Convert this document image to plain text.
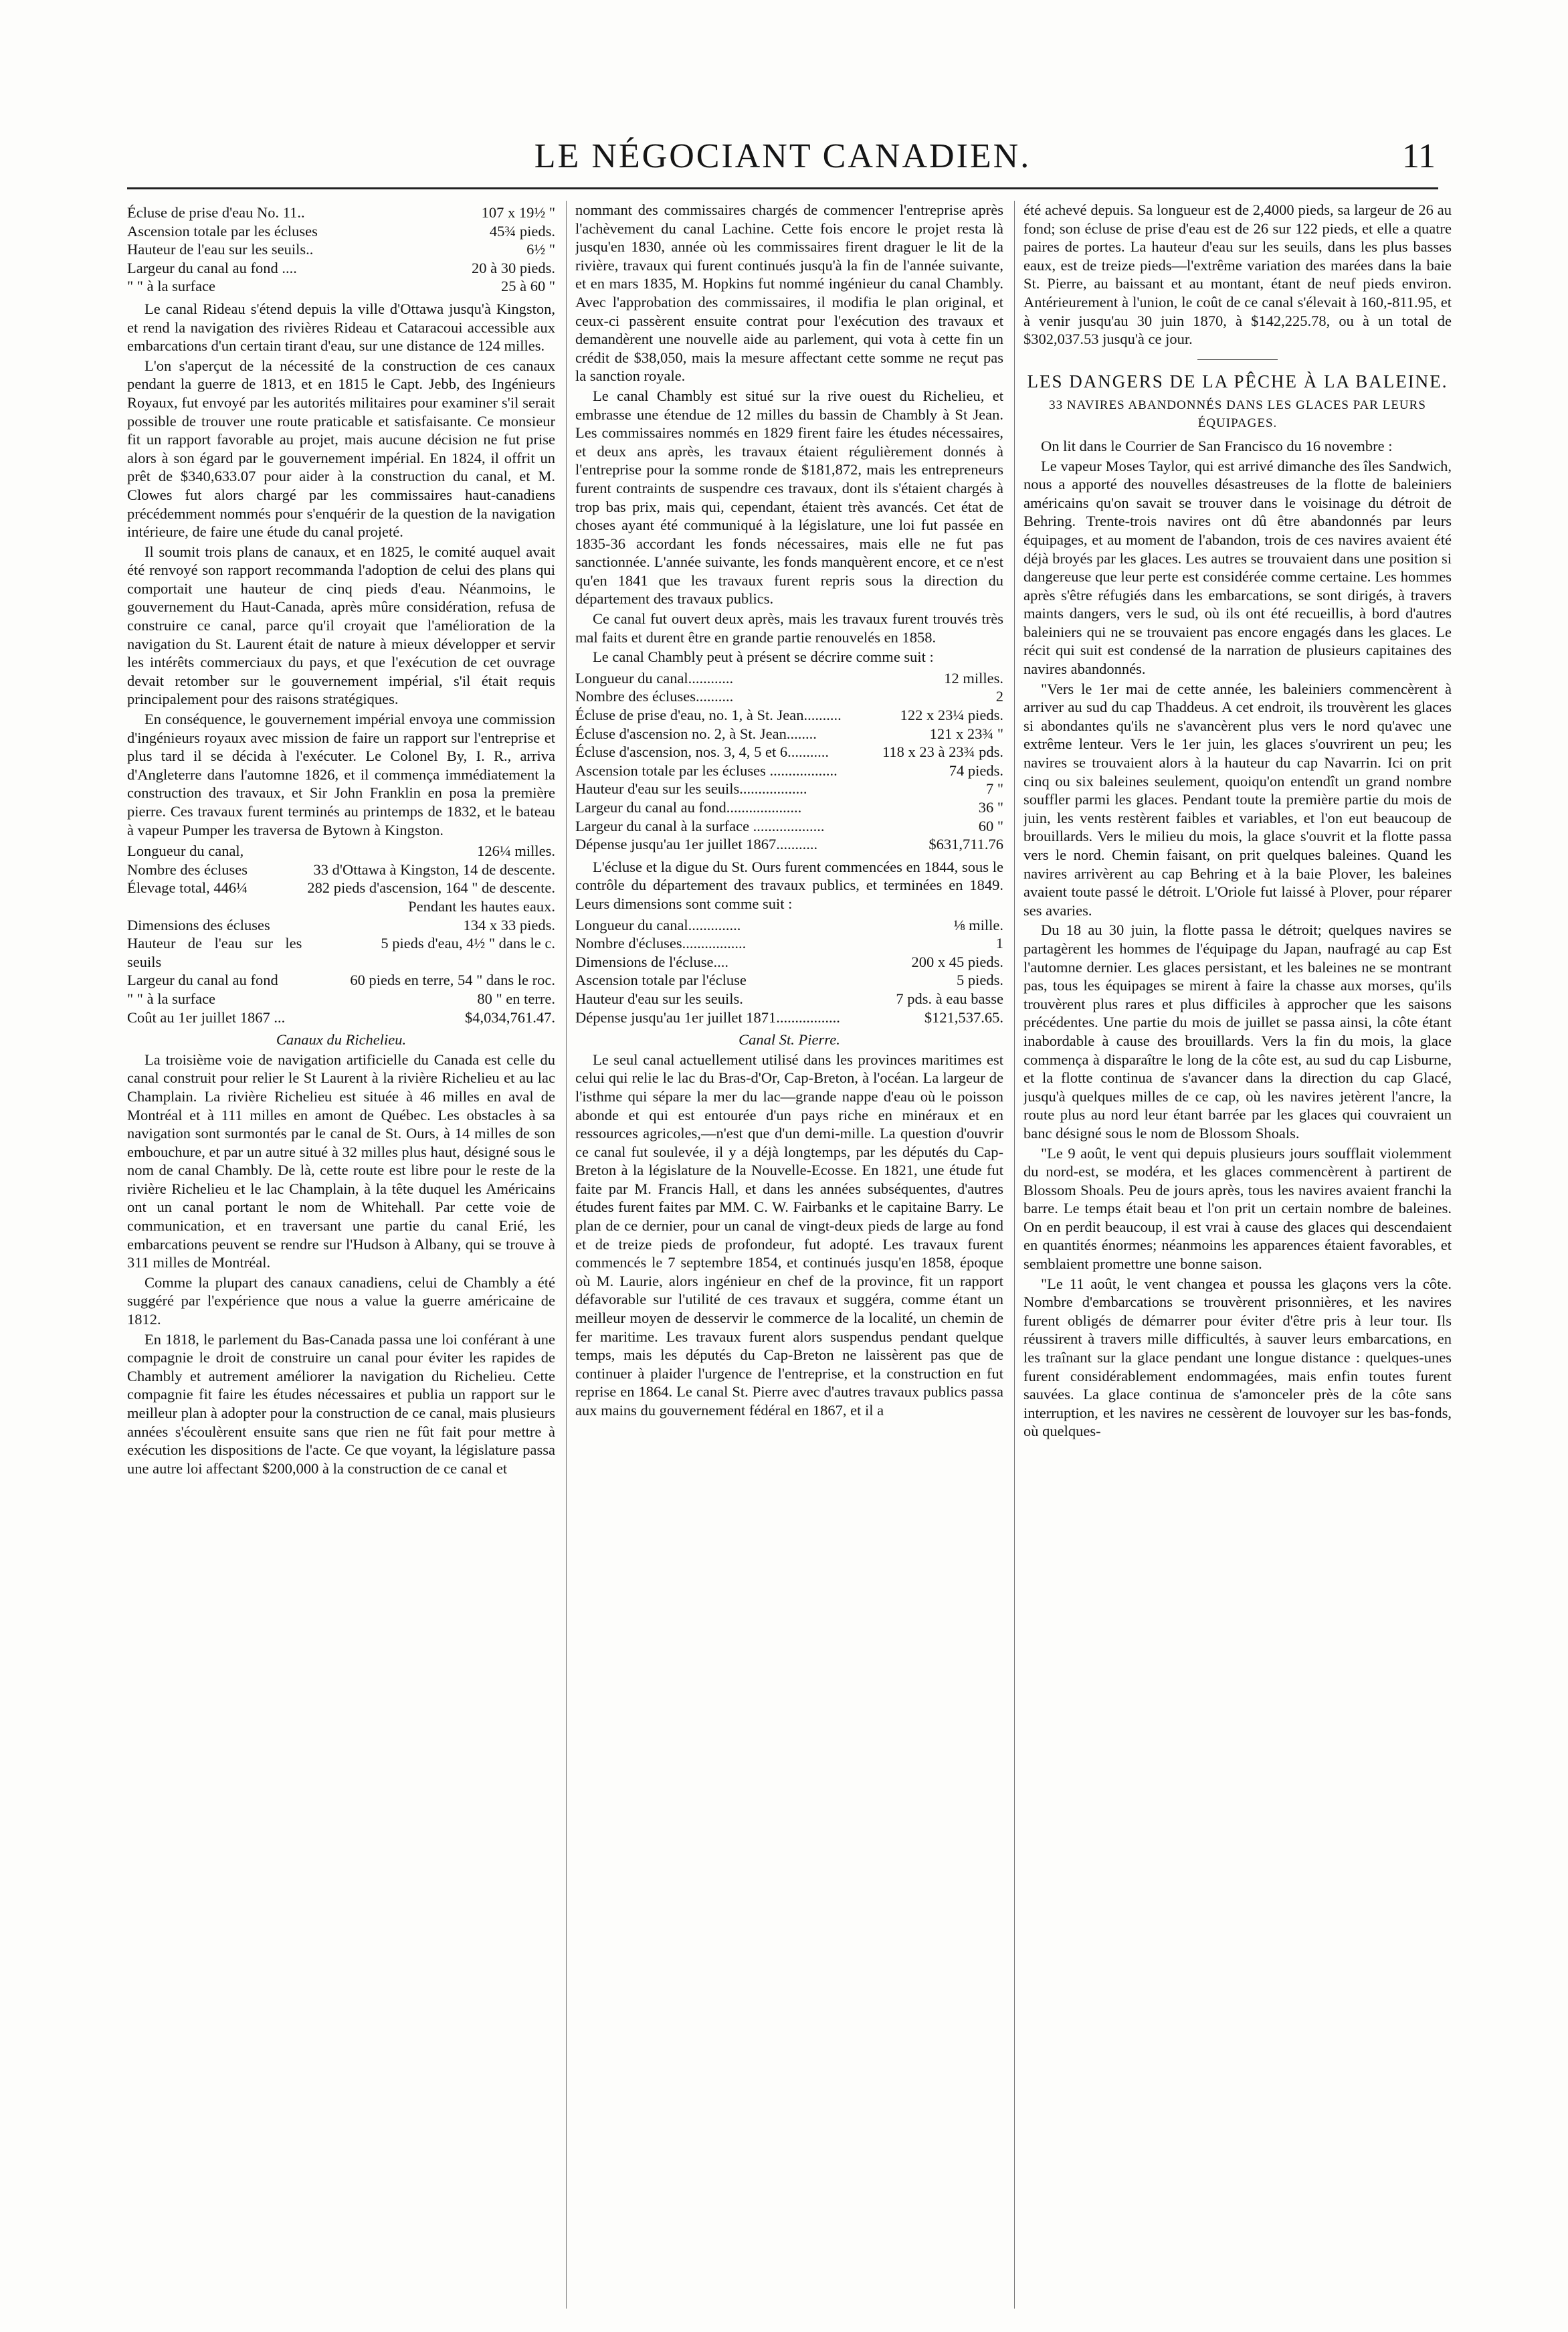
LE NÉGOCIANT CANADIEN.	11
Écluse de prise d'eau No. 11..	107 x 19½ "
Ascension totale par les écluses	45¾ pieds.
Hauteur de l'eau sur les seuils..	6½ "
Largeur du canal au fond ....	20 à 30 pieds.
" " à la surface	25 à 60 "

Le canal Rideau s'étend depuis la ville d'Ottawa jusqu'à Kingston, et rend la navigation des rivières Rideau et Cataracoui accessible aux embarcations d'un certain tirant d'eau, sur une distance de 124 milles.

L'on s'aperçut de la nécessité de la construction de ces canaux pendant la guerre de 1813, et en 1815 le Capt. Jebb, des Ingénieurs Royaux, fut envoyé par les autorités militaires pour examiner s'il serait possible de trouver une route praticable et satisfaisante. Ce monsieur fit un rapport favorable au projet, mais aucune décision ne fut prise alors à son égard par le gouvernement impérial. En 1824, il offrit un prêt de $340,633.07 pour aider à la construction du canal, et M. Clowes fut alors chargé par les commissaires haut-canadiens précédemment nommés pour s'enquérir de la question de la navigation intérieure, de faire une étude du canal projeté.

Il soumit trois plans de canaux, et en 1825, le comité auquel avait été renvoyé son rapport recommanda l'adoption de celui des plans qui comportait une hauteur de cinq pieds d'eau. Néanmoins, le gouvernement du Haut-Canada, après mûre considération, refusa de construire ce canal, parce qu'il croyait que l'amélioration de la navigation du St. Laurent était de nature à mieux développer et servir les intérêts commerciaux du pays, et que l'exécution de cet ouvrage devait retomber sur le gouvernement impérial, s'il était requis principalement pour des raisons stratégiques.

En conséquence, le gouvernement impérial envoya une commission d'ingénieurs royaux avec mission de faire un rapport sur l'entreprise et plus tard il se décida à l'exécuter. Le Colonel By, I. R., arriva d'Angleterre dans l'automne 1826, et il commença immédiatement la construction des travaux, et Sir John Franklin en posa la première pierre. Ces travaux furent terminés au printemps de 1832, et le bateau à vapeur Pumper les traversa de Bytown à Kingston.

Longueur du canal,	126¼ milles.
Nombre des écluses	33 d'Ottawa à Kingston, 14 de descente.
Élevage total, 446¼	282 pieds d'ascension, 164 " de descente.
	Pendant les hautes eaux.
Dimensions des écluses	134 x 33 pieds.
Hauteur de l'eau sur les seuils	5 pieds d'eau, 4½ " dans le c.
Largeur du canal au fond	60 pieds en terre, 54 " dans le roc.
" " à la surface	80 " en terre.
Coût au 1er juillet 1867 ...	$4,034,761.47.

Canaux du Richelieu.

La troisième voie de navigation artificielle du Canada est celle du canal construit pour relier le St Laurent à la rivière Richelieu et au lac Champlain. La rivière Richelieu est située à 46 milles en aval de Montréal et à 111 milles en amont de Québec. Les obstacles à sa navigation sont surmontés par le canal de St. Ours, à 14 milles de son embouchure, et par un autre situé à 32 milles plus haut, désigné sous le nom de canal Chambly. De là, cette route est libre pour le reste de la rivière Richelieu et le lac Champlain, à la tête duquel les Américains ont un canal portant le nom de Whitehall. Par cette voie de communication, et en traversant une partie du canal Erié, les embarcations peuvent se rendre sur l'Hudson à Albany, qui se trouve à 311 milles de Montréal.

Comme la plupart des canaux canadiens, celui de Chambly a été suggéré par l'expérience que nous a value la guerre américaine de 1812.

En 1818, le parlement du Bas-Canada passa une loi conférant à une compagnie le droit de construire un canal pour éviter les rapides de Chambly et autrement améliorer la navigation du Richelieu. Cette compagnie fit faire les études nécessaires et publia un rapport sur le meilleur plan à adopter pour la construction de ce canal, mais plusieurs années s'écoulèrent ensuite sans que rien ne fût fait pour mettre à exécution les dispositions de l'acte. Ce que voyant, la législature passa une autre loi affectant $200,000 à la construction de ce canal et

nommant des commissaires chargés de commencer l'entreprise après l'achèvement du canal Lachine. Cette fois encore le projet resta là jusqu'en 1830, année où les commissaires firent draguer le lit de la rivière, travaux qui furent continués jusqu'à la fin de l'année suivante, et en mars 1835, M. Hopkins fut nommé ingénieur du canal Chambly. Avec l'approbation des commissaires, il modifia le plan original, et ceux-ci passèrent ensuite contrat pour l'exécution des travaux et demandèrent une nouvelle aide au parlement, qui vota à cette fin un crédit de $38,050, mais la mesure affectant cette somme ne reçut pas la sanction royale.

Le canal Chambly est situé sur la rive ouest du Richelieu, et embrasse une étendue de 12 milles du bassin de Chambly à St Jean. Les commissaires nommés en 1829 firent faire les études nécessaires, et deux ans après, les travaux étaient régulièrement donnés à l'entreprise pour la somme ronde de $181,872, mais les entrepreneurs furent contraints de suspendre ces travaux, dont ils s'étaient chargés à trop bas prix, mais qui, cependant, étaient très avancés. Cet état de choses ayant été communiqué à la législature, une loi fut passée en 1835-36 accordant les fonds nécessaires, mais elle ne fut pas sanctionnée. L'année suivante, les fonds manquèrent encore, et ce n'est qu'en 1841 que les travaux furent repris sous la direction du département des travaux publics.

Ce canal fut ouvert deux après, mais les travaux furent trouvés très mal faits et durent être en grande partie renouvelés en 1858.

Le canal Chambly peut à présent se décrire comme suit :

Longueur du canal............	12 milles.
Nombre des écluses..........	2
Écluse de prise d'eau, no. 1, à St. Jean..........	122 x 23¼ pieds.
Écluse d'ascension no. 2, à St. Jean........	121 x 23¾ "
Écluse d'ascension, nos. 3, 4, 5 et 6...........	118 x 23 à 23¾ pds.
Ascension totale par les écluses ..................	74 pieds.
Hauteur d'eau sur les seuils..................	7 "
Largeur du canal au fond....................	36 "
Largeur du canal à la surface ...................	60 "
Dépense jusqu'au 1er juillet 1867...........	$631,711.76

L'écluse et la digue du St. Ours furent commencées en 1844, sous le contrôle du département des travaux publics, et terminées en 1849. Leurs dimensions sont comme suit :

Longueur du canal..............	⅛ mille.
Nombre d'écluses.................	1
Dimensions de l'écluse....	200 x 45 pieds.
Ascension totale par l'écluse	5 pieds.
Hauteur d'eau sur les seuils.	7 pds. à eau basse
Dépense jusqu'au 1er juillet 1871.................	$121,537.65.

Canal St. Pierre.

Le seul canal actuellement utilisé dans les provinces maritimes est celui qui relie le lac du Bras-d'Or, Cap-Breton, à l'océan. La largeur de l'isthme qui sépare la mer du lac—grande nappe d'eau où le poisson abonde et qui est entourée d'un pays riche en minéraux et en ressources agricoles,—n'est que d'un demi-mille. La question d'ouvrir ce canal fut soulevée, il y a déjà longtemps, par les députés du Cap-Breton à la législature de la Nouvelle-Ecosse. En 1821, une étude fut faite par M. Francis Hall, et dans les années subséquentes, d'autres études furent faites par MM. C. W. Fairbanks et le capitaine Barry. Le plan de ce dernier, pour un canal de vingt-deux pieds de large au fond et de treize pieds de profondeur, fut adopté. Les travaux furent commencés le 7 septembre 1854, et continués jusqu'en 1858, époque où M. Laurie, alors ingénieur en chef de la province, fit un rapport défavorable sur l'utilité de ces travaux et suggéra, comme étant un meilleur moyen de desservir le commerce de la localité, un chemin de fer maritime. Les travaux furent alors suspendus pendant quelque temps, mais les députés du Cap-Breton ne laissèrent pas que de continuer à plaider l'urgence de l'entreprise, et la construction en fut reprise en 1864. Le canal St. Pierre avec d'autres travaux publics passa aux mains du gouvernement fédéral en 1867, et il a

été achevé depuis. Sa longueur est de 2,4000 pieds, sa largeur de 26 au fond; son écluse de prise d'eau est de 26 sur 122 pieds, et elle a quatre paires de portes. La hauteur d'eau sur les seuils, dans les plus basses eaux, est de treize pieds—l'extrême variation des marées dans la baie St. Pierre, au baissant et au montant, étant de neuf pieds environ. Antérieurement à l'union, le coût de ce canal s'élevait à 160,-811.95, et à venir jusqu'au 30 juin 1870, à $142,225.78, ou à un total de $302,037.53 jusqu'à ce jour.

LES DANGERS DE LA PÊCHE À LA BALEINE.
33 NAVIRES ABANDONNÉS DANS LES GLACES PAR LEURS ÉQUIPAGES.

On lit dans le Courrier de San Francisco du 16 novembre :

Le vapeur Moses Taylor, qui est arrivé dimanche des îles Sandwich, nous a apporté des nouvelles désastreuses de la flotte de baleiniers américains qu'on savait se trouver dans le voisinage du détroit de Behring. Trente-trois navires ont dû être abandonnés par leurs équipages, et au moment de l'abandon, trois de ces navires avaient été déjà broyés par les glaces. Les autres se trouvaient dans une position si dangereuse que leur perte est considérée comme certaine. Les hommes après s'être réfugiés dans les embarcations, se sont dirigés, à travers maints dangers, vers le sud, où ils ont été recueillis, à bord d'autres baleiniers qui ne se trouvaient pas encore engagés dans les glaces. Le récit qui suit est condensé de la narration de plusieurs capitaines des navires abandonnés.

"Vers le 1er mai de cette année, les baleiniers commencèrent à arriver au sud du cap Thaddeus. A cet endroit, ils trouvèrent les glaces si abondantes qu'ils ne s'avancèrent plus vers le nord qu'avec une extrême lenteur. Vers le 1er juin, les glaces s'ouvrirent un peu; les navires se trouvaient alors à la hauteur du cap Navarrin. Ici on prit cinq ou six baleines seulement, quoiqu'on entendît un grand nombre souffler parmi les glaces. Pendant toute la première partie du mois de juin, les vents restèrent faibles et variables, et l'on eut beaucoup de brouillards. Vers le milieu du mois, la glace s'ouvrit et la flotte passa vers le nord. Chemin faisant, on prit quelques baleines. Quand les navires arrivèrent au cap Behring et à la baie Plover, les baleines avaient toute passé le détroit. L'Oriole fut laissé à Plover, pour réparer ses avaries.

Du 18 au 30 juin, la flotte passa le détroit; quelques navires se partagèrent les hommes de l'équipage du Japan, naufragé au cap Est l'automne dernier. Les glaces persistant, et les baleines ne se montrant pas, tous les équipages se mirent à faire la chasse aux morses, qu'ils trouvèrent plus rares et plus difficiles à approcher que les saisons précédentes. Une partie du mois de juillet se passa ainsi, la côte étant inabordable à cause des brouillards. Vers la fin du mois, la glace commença à disparaître le long de la côte est, au sud du cap Lisburne, et la flotte continua de s'avancer dans la direction du cap Glacé, jusqu'à quelques milles de ce cap, où les navires jetèrent l'ancre, la route plus au nord leur étant barrée par les glaces qui couvraient un banc désigné sous le nom de Blossom Shoals.

"Le 9 août, le vent qui depuis plusieurs jours soufflait violemment du nord-est, se modéra, et les glaces commencèrent à partirent de Blossom Shoals. Peu de jours après, tous les navires avaient franchi la barre. Le temps était beau et l'on prit un certain nombre de baleines. On en perdit beaucoup, il est vrai à cause des glaces qui descendaient en quantités énormes; néanmoins les apparences étaient favorables, et semblaient promettre une bonne saison.

"Le 11 août, le vent changea et poussa les glaçons vers la côte. Nombre d'embarcations se trouvèrent prisonnières, et les navires furent obligés de démarrer pour éviter d'être pris à leur tour. Ils réussirent à travers mille difficultés, à sauver leurs embarcations, en les traînant sur la glace pendant une longue distance : quelques-unes furent considérablement endommagées, mais enfin toutes furent sauvées. La glace continua de s'amonceler près de la côte sans interruption, et les navires ne cessèrent de louvoyer sur les bas-fonds, où quelques-
